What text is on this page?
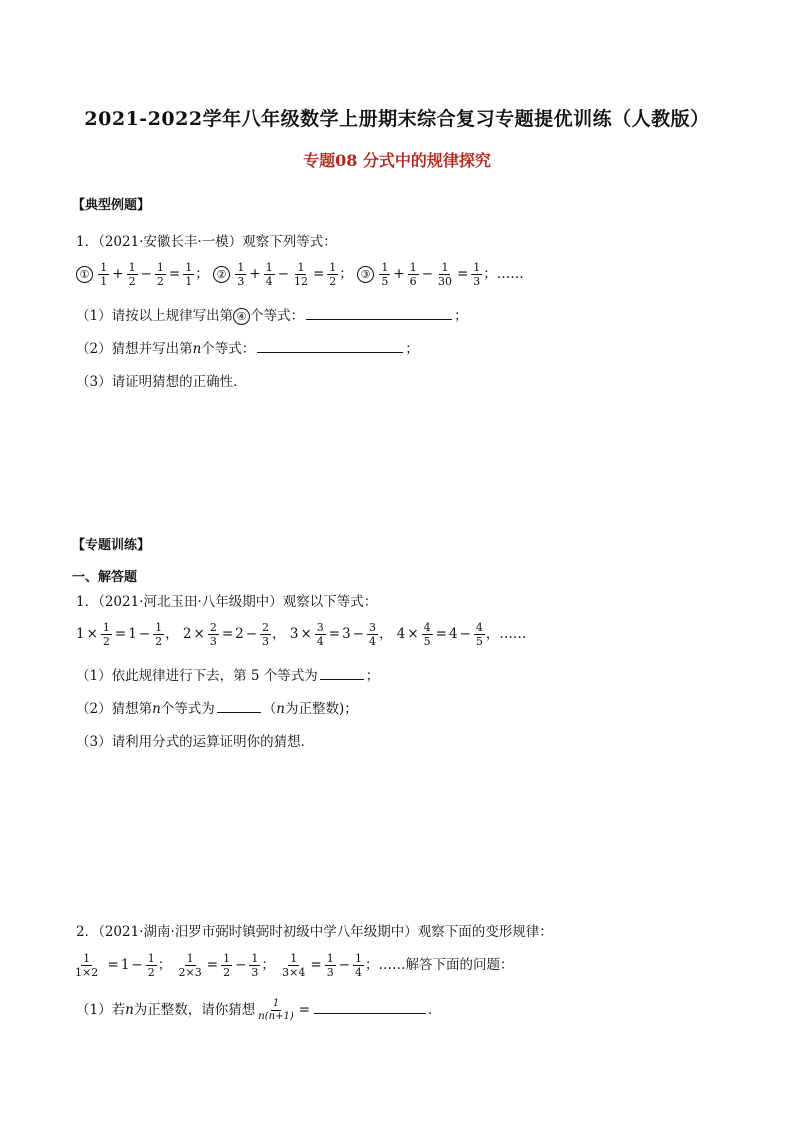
2021-2022学年八年级数学上册期末综合复习专题提优训练（人教版）
专题08 分式中的规律探究
【典型例题】
1．（2021·安徽长丰·一模）观察下列等式：
① $\frac{1}{1} + \frac{1}{2} - \frac{1}{2} = \frac{1}{1}$ ； ② $\frac{1}{3} + \frac{1}{4} - \frac{1}{12} = \frac{1}{2}$ ； ③ $\frac{1}{5} + \frac{1}{6} - \frac{1}{30} = \frac{1}{3}$ ；……
（1）请按以上规律写出第 ④ 个等式：	；
（2）猜想并写出第n个等式：	；
（3）请证明猜想的正确性．
【专题训练】
一、解答题
1．（2021·河北玉田·八年级期中）观察以下等式：
$1 \times \frac{1}{2} = 1 - \frac{1}{2}$ ， $2 \times \frac{2}{3} = 2 - \frac{2}{3}$ ， $3 \times \frac{3}{4} = 3 - \frac{3}{4}$ ， $4 \times \frac{4}{5} = 4 - \frac{4}{5}$ ，……
（1）依此规律进行下去，第 5 个等式为	；
（2）猜想第n个等式为	（n为正整数)；
（3）请利用分式的运算证明你的猜想．
2．（2021·湖南·汨罗市弼时镇弼时初级中学八年级期中）观察下面的变形规律：
$\frac{1}{1\times 2} = 1 - \frac{1}{2}$ ； $\frac{1}{2\times 3} = \frac{1}{2} - \frac{1}{3}$ ； $\frac{1}{3\times 4} = \frac{1}{3} - \frac{1}{4}$ ；……解答下面的问题：
（1）若n为正整数，请你猜想 $\frac{1}{n(n+1)}$ =	．
